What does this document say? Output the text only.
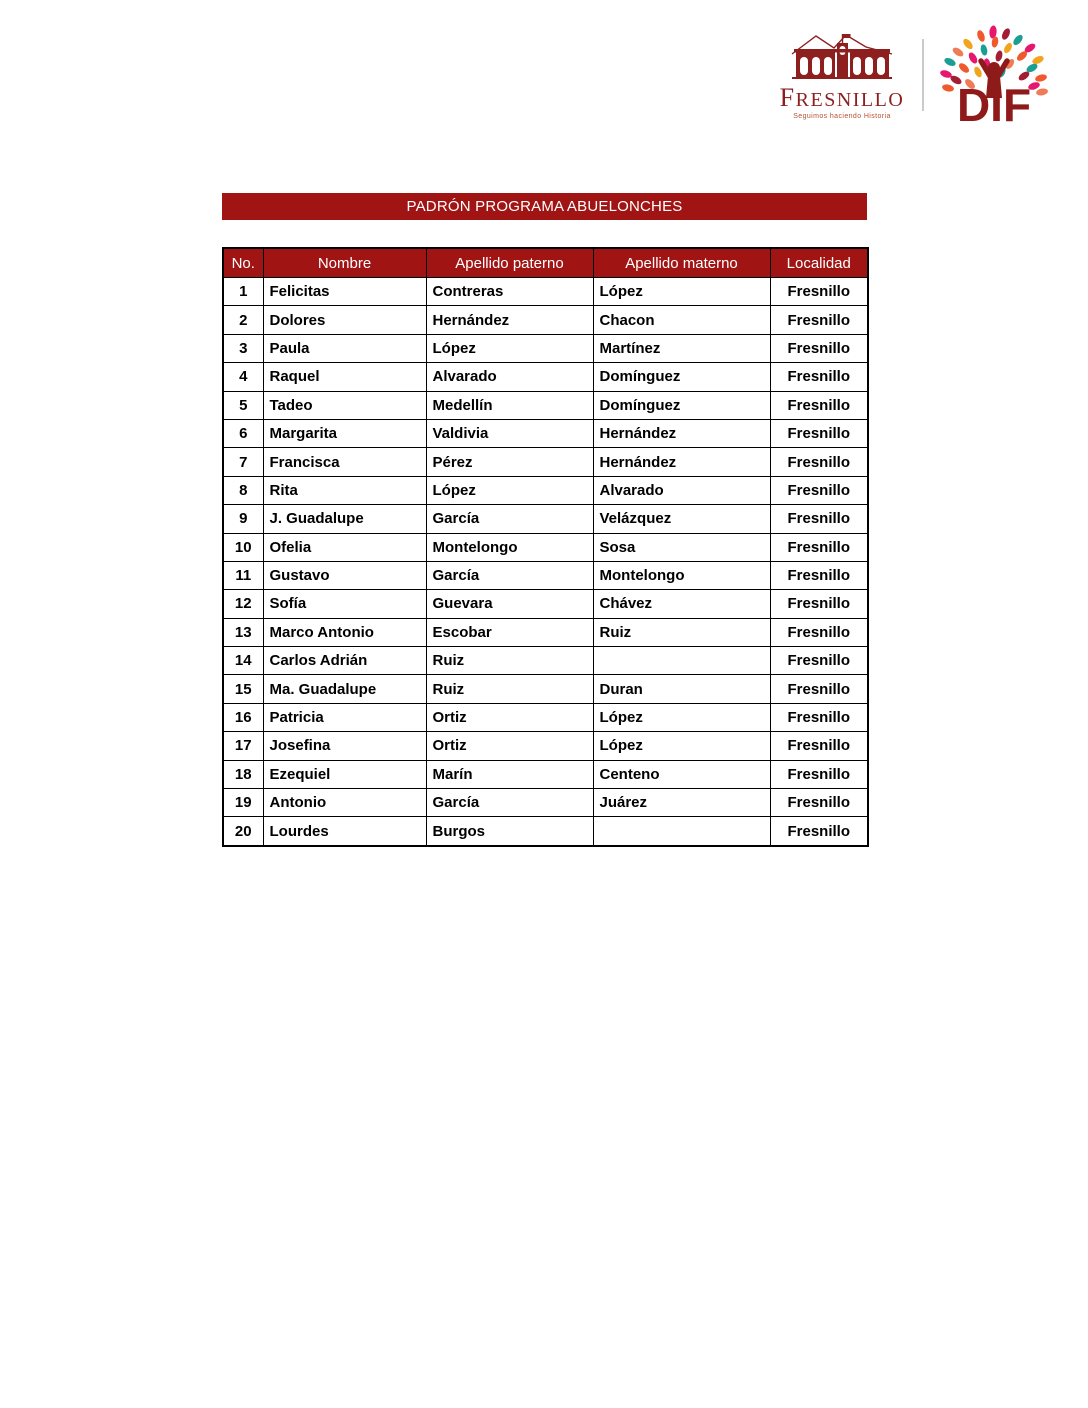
FRESNILLO
Seguimos haciendo Historia	DIF
PADRÓN PROGRAMA ABUELONCHES
No.	Nombre	Apellido paterno	Apellido materno	Localidad
1	Felicitas	Contreras	López	Fresnillo
2	Dolores	Hernández	Chacon	Fresnillo
3	Paula	López	Martínez	Fresnillo
4	Raquel	Alvarado	Domínguez	Fresnillo
5	Tadeo	Medellín	Domínguez	Fresnillo
6	Margarita	Valdivia	Hernández	Fresnillo
7	Francisca	Pérez	Hernández	Fresnillo
8	Rita	López	Alvarado	Fresnillo
9	J. Guadalupe	García	Velázquez	Fresnillo
10	Ofelia	Montelongo	Sosa	Fresnillo
11	Gustavo	García	Montelongo	Fresnillo
12	Sofía	Guevara	Chávez	Fresnillo
13	Marco Antonio	Escobar	Ruiz	Fresnillo
14	Carlos Adrián	Ruiz		Fresnillo
15	Ma. Guadalupe	Ruiz	Duran	Fresnillo
16	Patricia	Ortiz	López	Fresnillo
17	Josefina	Ortiz	López	Fresnillo
18	Ezequiel	Marín	Centeno	Fresnillo
19	Antonio	García	Juárez	Fresnillo
20	Lourdes	Burgos		Fresnillo
